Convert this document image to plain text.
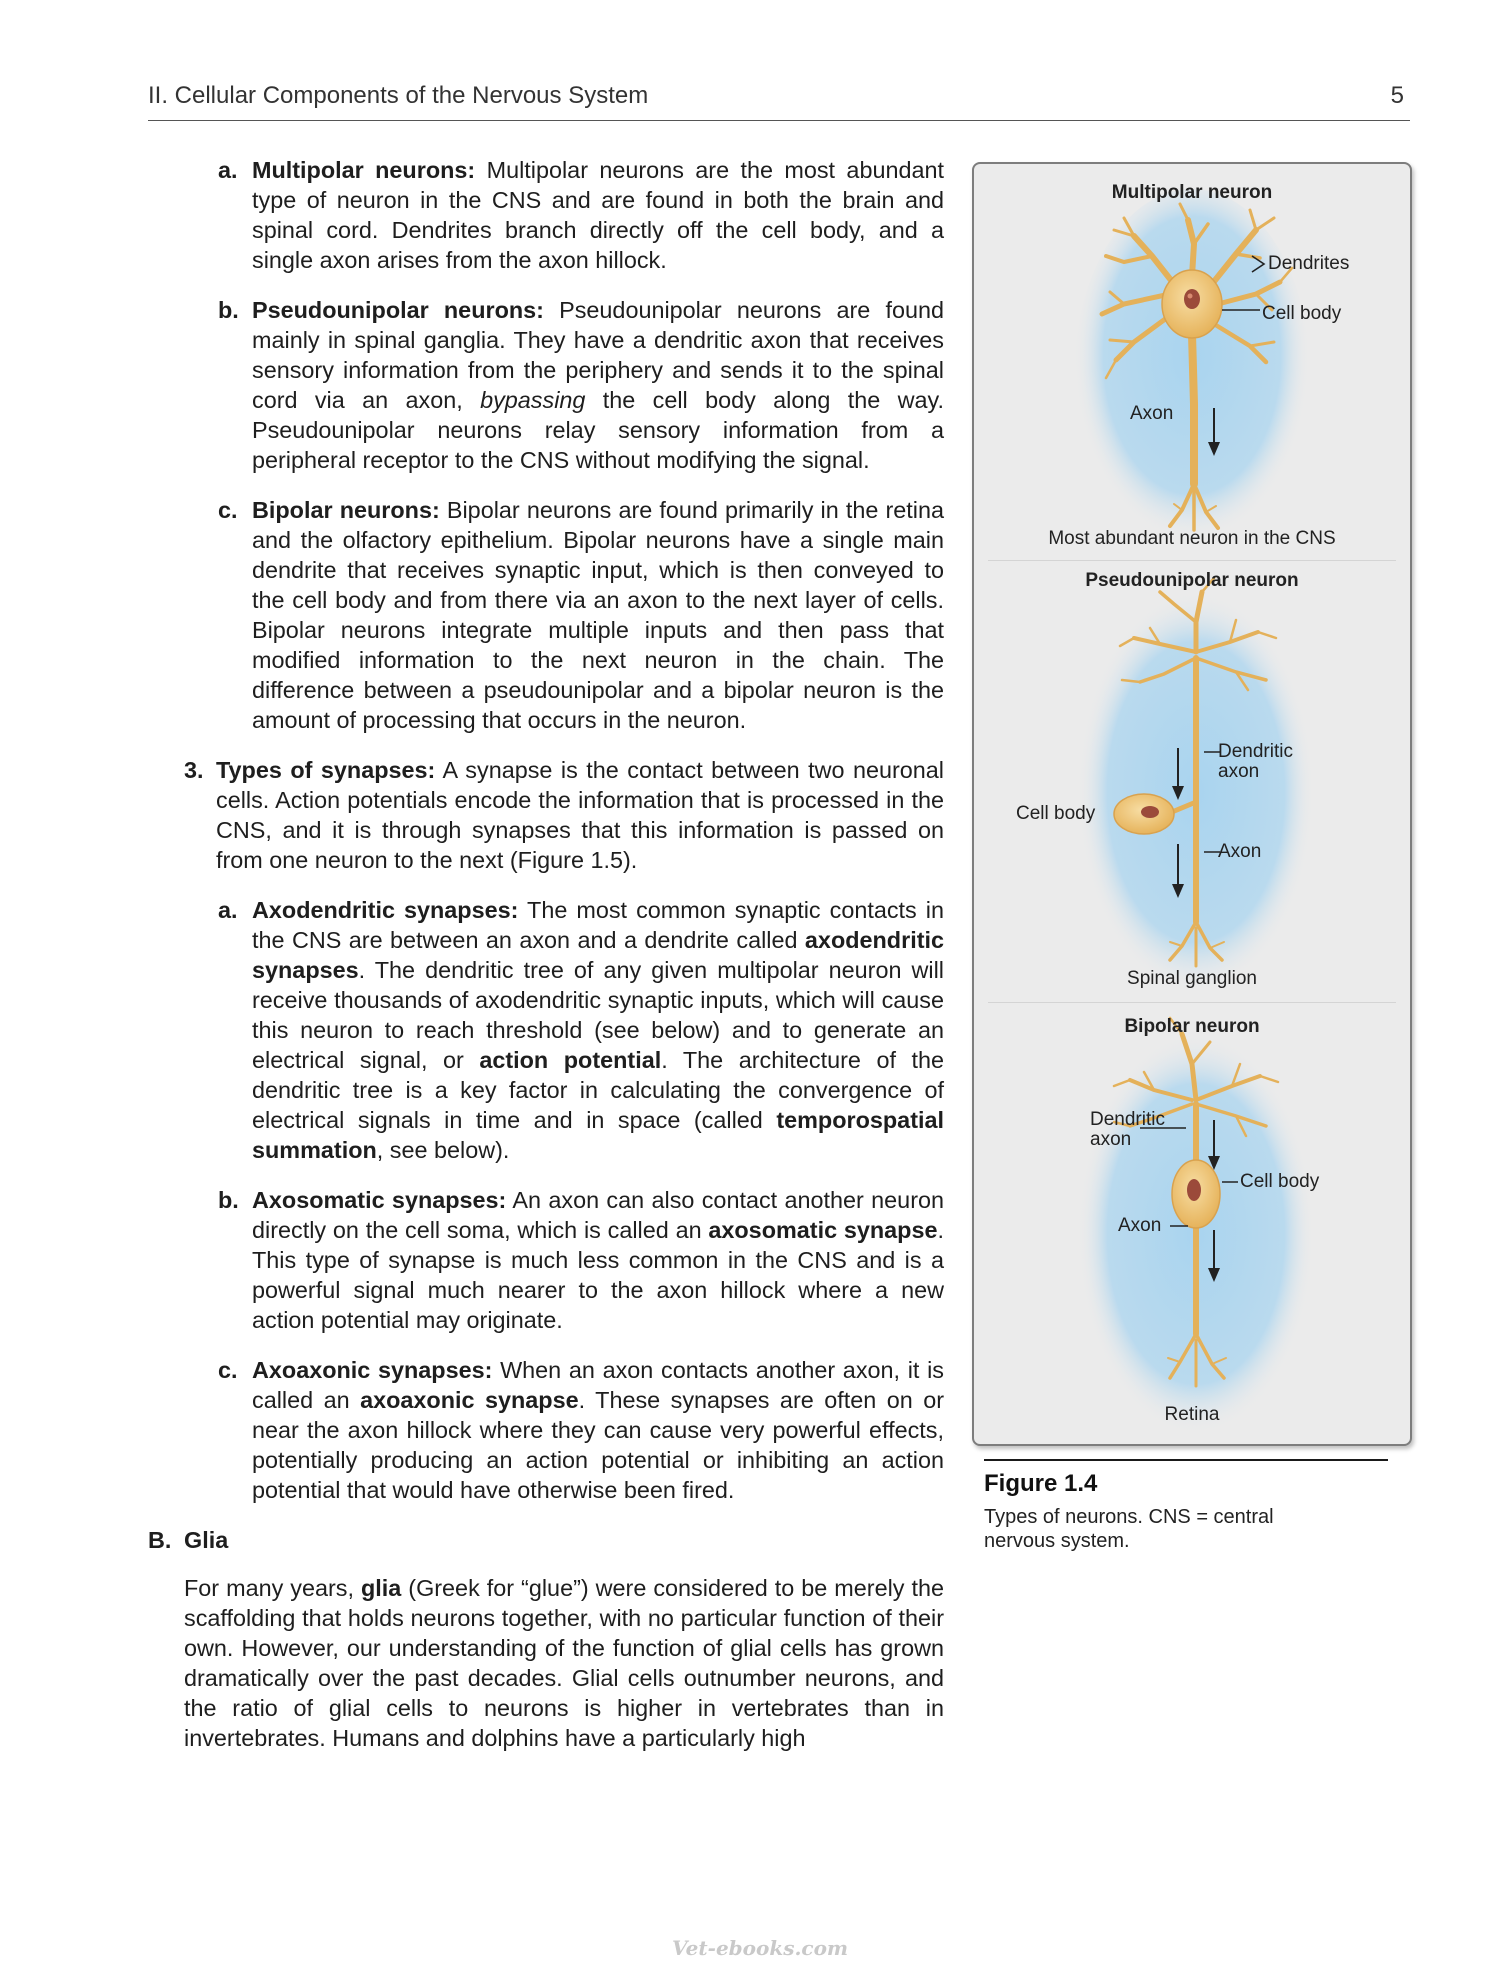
II. Cellular Components of the Nervous System	5

a. Multipolar neurons: Multipolar neurons are the most abundant type of neuron in the CNS and are found in both the brain and spinal cord. Dendrites branch directly off the cell body, and a single axon arises from the axon hillock.

b. Pseudounipolar neurons: Pseudounipolar neurons are found mainly in spinal ganglia. They have a dendritic axon that receives sensory information from the periphery and sends it to the spinal cord via an axon, bypassing the cell body along the way. Pseudounipolar neurons relay sensory information from a peripheral receptor to the CNS without modifying the signal.

c. Bipolar neurons: Bipolar neurons are found primarily in the retina and the olfactory epithelium. Bipolar neurons have a single main dendrite that receives synaptic input, which is then conveyed to the cell body and from there via an axon to the next layer of cells. Bipolar neurons integrate multiple inputs and then pass that modified information to the next neuron in the chain. The difference between a pseudounipolar and a bipolar neuron is the amount of processing that occurs in the neuron.

3. Types of synapses: A synapse is the contact between two neuronal cells. Action potentials encode the information that is processed in the CNS, and it is through synapses that this information is passed on from one neuron to the next (Figure 1.5).

a. Axodendritic synapses: The most common synaptic contacts in the CNS are between an axon and a dendrite called axodendritic synapses. The dendritic tree of any given multipolar neuron will receive thousands of axodendritic synaptic inputs, which will cause this neuron to reach threshold (see below) and to generate an electrical signal, or action potential. The architecture of the dendritic tree is a key factor in calculating the convergence of electrical signals in time and in space (called temporospatial summation, see below).

b. Axosomatic synapses: An axon can also contact another neuron directly on the cell soma, which is called an axosomatic synapse. This type of synapse is much less common in the CNS and is a powerful signal much nearer to the axon hillock where a new action potential may originate.

c. Axoaxonic synapses: When an axon contacts another axon, it is called an axoaxonic synapse. These synapses are often on or near the axon hillock where they can cause very powerful effects, potentially producing an action potential or inhibiting an action potential that would have otherwise been fired.

B. Glia

For many years, glia (Greek for “glue”) were considered to be merely the scaffolding that holds neurons together, with no particular function of their own. However, our understanding of the function of glial cells has grown dramatically over the past decades. Glial cells outnumber neurons, and the ratio of glial cells to neurons is higher in vertebrates than in invertebrates. Humans and dolphins have a particularly high

Multipolar neuron
Dendrites
Cell body
Axon
Most abundant neuron in the CNS
Pseudounipolar neuron
Dendritic axon
Cell body
Axon
Spinal ganglion
Bipolar neuron
Dendritic axon
Cell body
Axon
Retina
Figure 1.4
Types of neurons. CNS = central nervous system.
Vet-ebooks.com
